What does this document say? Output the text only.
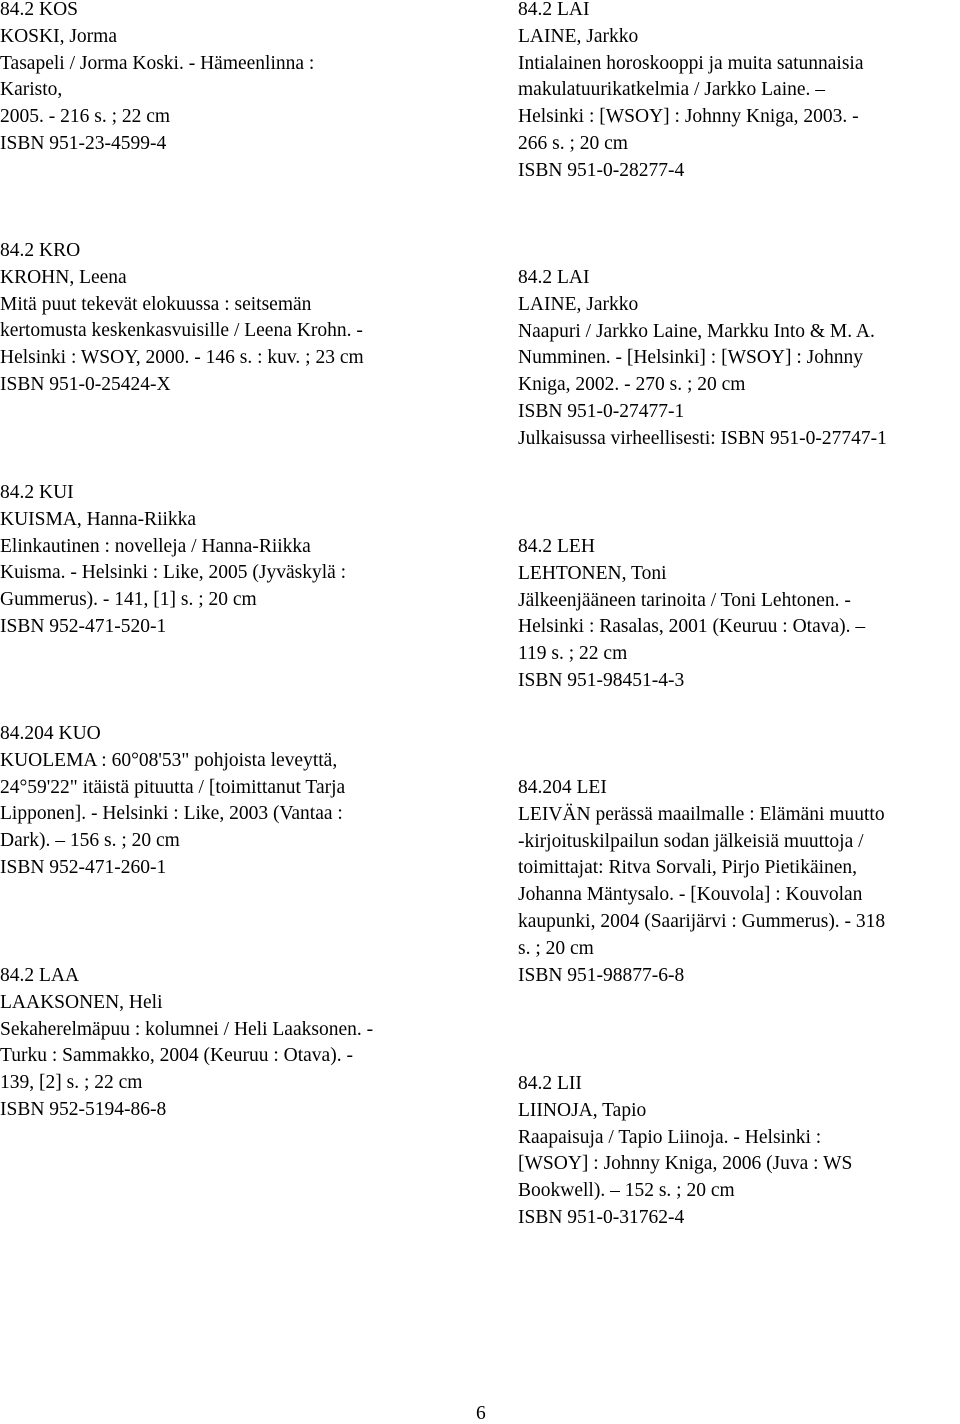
84.2 KOS
KOSKI, Jorma
Tasapeli / Jorma Koski. - Hämeenlinna :
Karisto,
2005. - 216 s. ; 22 cm
ISBN 951-23-4599-4
84.2 KRO
KROHN, Leena
Mitä puut tekevät elokuussa : seitsemän
kertomusta keskenkasvuisille / Leena Krohn. -
Helsinki : WSOY, 2000. - 146 s. : kuv. ; 23 cm
ISBN 951-0-25424-X
84.2 KUI
KUISMA, Hanna-Riikka
Elinkautinen : novelleja / Hanna-Riikka
Kuisma. - Helsinki : Like, 2005 (Jyväskylä :
Gummerus). - 141, [1] s. ; 20 cm
ISBN 952-471-520-1
84.204 KUO
KUOLEMA : 60°08'53" pohjoista leveyttä,
24°59'22" itäistä pituutta / [toimittanut Tarja
Lipponen]. - Helsinki : Like, 2003 (Vantaa :
Dark). – 156 s. ; 20 cm
ISBN 952-471-260-1
84.2 LAA
LAAKSONEN, Heli
Sekaherelmäpuu : kolumnei / Heli Laaksonen. -
Turku : Sammakko, 2004 (Keuruu : Otava). -
139, [2] s. ; 22 cm
ISBN 952-5194-86-8
84.2 LAI
LAINE, Jarkko
Intialainen horoskooppi ja muita satunnaisia
makulatuurikatkelmia / Jarkko Laine. –
Helsinki : [WSOY] : Johnny Kniga, 2003. -
266 s. ; 20 cm
ISBN 951-0-28277-4
84.2 LAI
LAINE, Jarkko
Naapuri / Jarkko Laine, Markku Into & M. A.
Numminen. - [Helsinki] : [WSOY] : Johnny
Kniga, 2002. - 270 s. ; 20 cm
ISBN 951-0-27477-1
Julkaisussa virheellisesti: ISBN 951-0-27747-1
84.2 LEH
LEHTONEN, Toni
Jälkeenjääneen tarinoita / Toni Lehtonen. -
Helsinki : Rasalas, 2001 (Keuruu : Otava). –
119 s. ; 22 cm
ISBN 951-98451-4-3
84.204 LEI
LEIVÄN perässä maailmalle : Elämäni muutto
-kirjoituskilpailun sodan jälkeisiä muuttoja /
toimittajat: Ritva Sorvali, Pirjo Pietikäinen,
Johanna Mäntysalo. - [Kouvola] : Kouvolan
kaupunki, 2004 (Saarijärvi : Gummerus). - 318
s. ; 20 cm
ISBN 951-98877-6-8
84.2 LII
LIINOJA, Tapio
Raapaisuja / Tapio Liinoja. - Helsinki :
[WSOY] : Johnny Kniga, 2006 (Juva : WS
Bookwell). – 152 s. ; 20 cm
ISBN 951-0-31762-4
6
